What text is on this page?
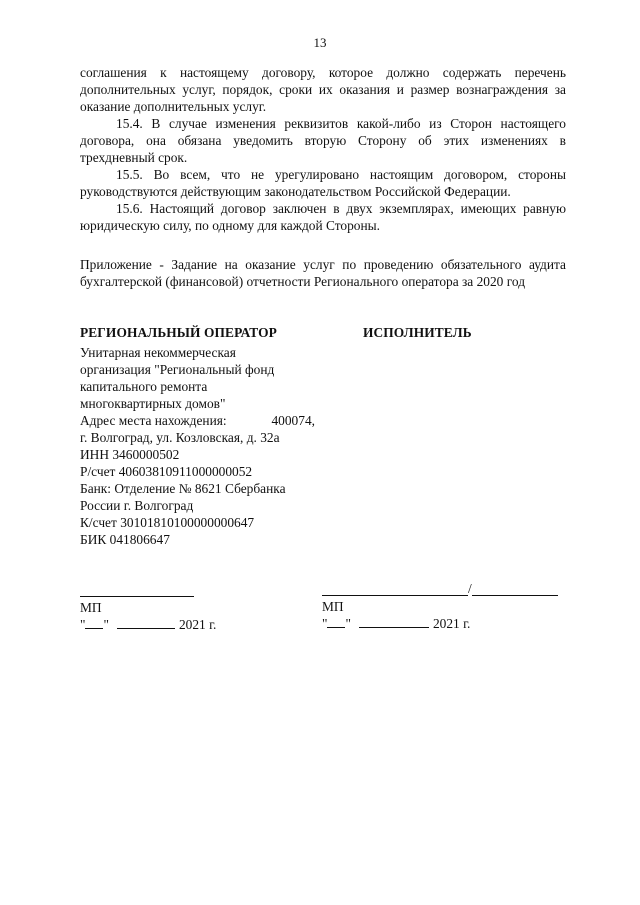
13

соглашения к настоящему договору, которое должно содержать перечень дополнительных услуг, порядок, сроки их оказания и размер вознаграждения за оказание дополнительных услуг.

15.4. В случае изменения реквизитов какой-либо из Сторон настоящего договора, она обязана уведомить вторую Сторону об этих изменениях в трехдневный срок.

15.5. Во всем, что не урегулировано настоящим договором, стороны руководствуются действующим законодательством Российской Федерации.

15.6. Настоящий договор заключен в двух экземплярах, имеющих равную юридическую силу, по одному для каждой Стороны.

Приложение - Задание на оказание услуг по проведению обязательного аудита бухгалтерской (финансовой) отчетности Регионального оператора за 2020 год

РЕГИОНАЛЬНЫЙ ОПЕРАТОР
Унитарная некоммерческая
организация "Региональный фонд
капитального ремонта
многоквартирных домов"
Адрес места нахождения:	400074,
г. Волгоград, ул. Козловская, д. 32а
ИНН 3460000502
Р/счет 40603810911000000052
Банк: Отделение № 8621 Сбербанка
России г. Волгоград
К/счет 30101810100000000647
БИК 041806647
ИСПОЛНИТЕЛЬ
МП
" "	2021 г.
/
МП
" "	2021 г.
